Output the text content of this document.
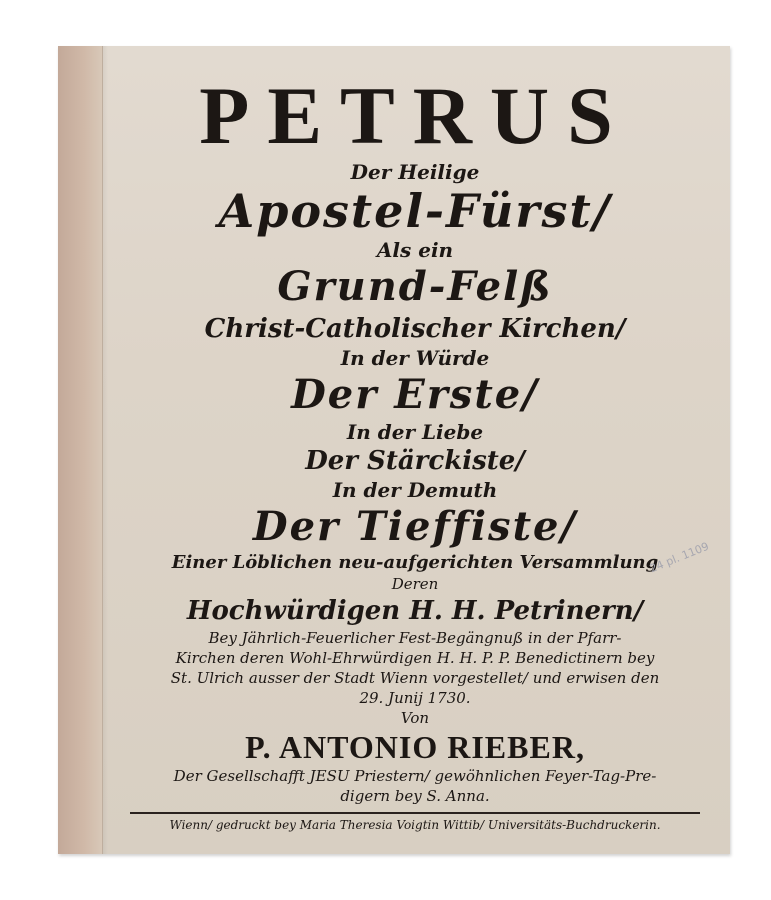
PETRUS
Der Heilige
Apostel-Fürst/
Als ein
Grund-Felß
Christ-Catholischer Kirchen/
In der Würde
Der Erste/
In der Liebe
Der Stärckiste/
In der Demuth
Der Tieffiste/
Einer Löblichen neu-aufgerichten Versammlung
Deren
Hochwürdigen H. H. Petrinern/
Bey Jährlich-Feuerlicher Fest-Begängnuß in der Pfarr-
Kirchen deren Wohl-Ehrwürdigen H. H. P. P. Benedictinern bey
St. Ulrich ausser der Stadt Wienn vorgestellet/ und erwisen den
29. Junij 1730.
Von
P. ANTONIO RIEBER,
Der Gesellschafft JESU Priestern/ gewöhnlichen Feyer-Tag-Pre-
digern bey S. Anna.
Wienn/ gedruckt bey Maria Theresia Voigtin Wittib/ Universitäts-Buchdruckerin.
24 pl. 1109
